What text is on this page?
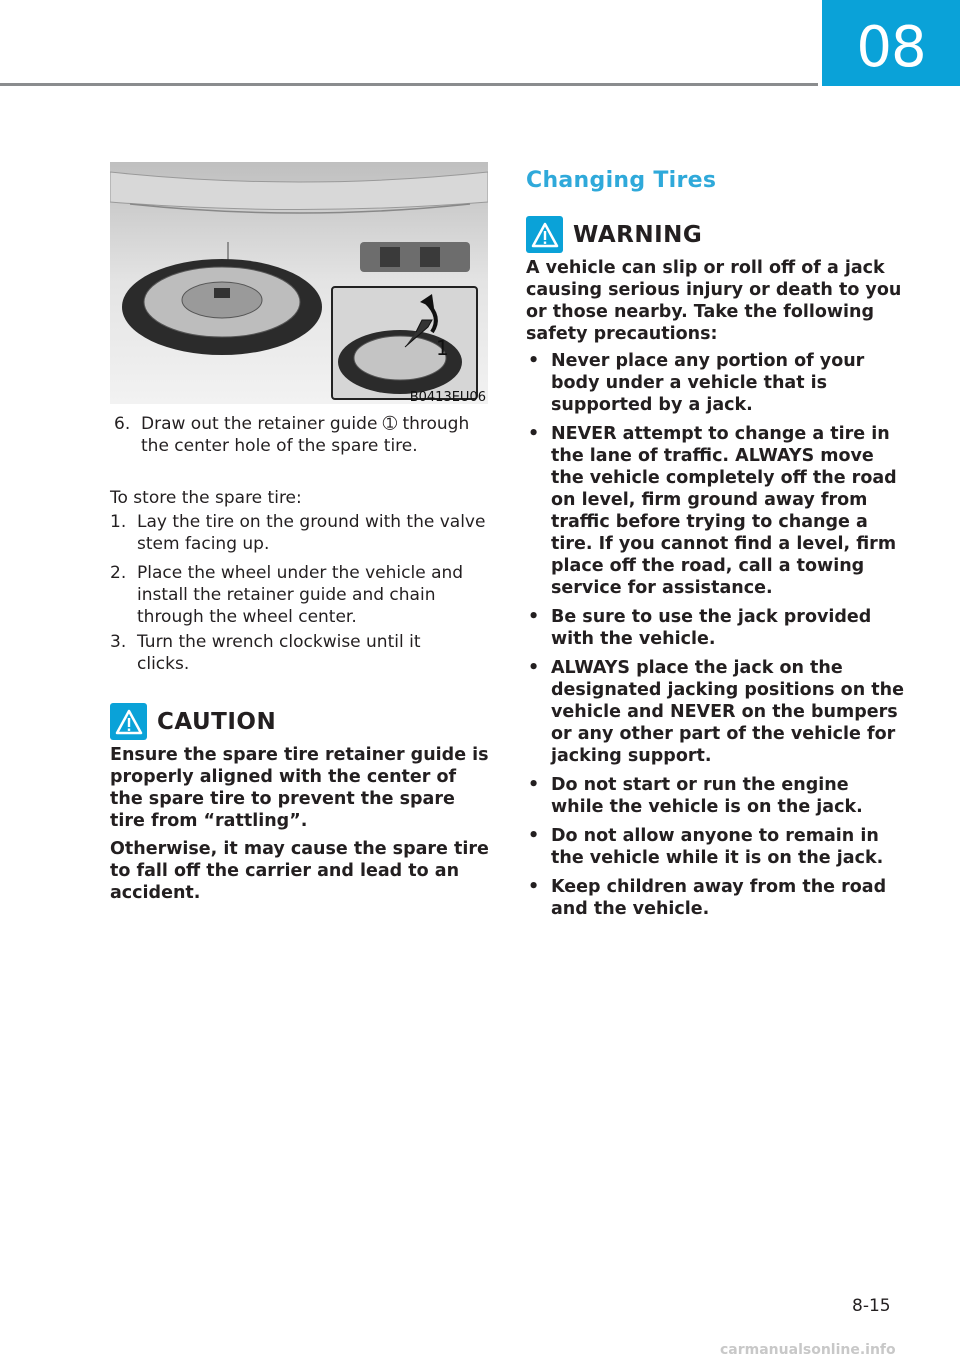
08
1
B0413EU06
6. Draw out the retainer guide ➀ through the center hole of the spare tire.
To store the spare tire:
1. Lay the tire on the ground with the valve stem facing up.
2. Place the wheel under the vehicle and install the retainer guide and chain through the wheel center.
3. Turn the wrench clockwise until it clicks.
CAUTION
Ensure the spare tire retainer guide is properly aligned with the center of the spare tire to prevent the spare tire from “rattling”.
Otherwise, it may cause the spare tire to fall off the carrier and lead to an accident.
Changing Tires
WARNING
A vehicle can slip or roll off of a jack causing serious injury or death to you or those nearby. Take the following safety precautions:
• Never place any portion of your body under a vehicle that is supported by a jack.
• NEVER attempt to change a tire in the lane of traffic. ALWAYS move the vehicle completely off the road on level, firm ground away from traffic before trying to change a tire. If you cannot find a level, firm place off the road, call a towing service for assistance.
• Be sure to use the jack provided with the vehicle.
• ALWAYS place the jack on the designated jacking positions on the vehicle and NEVER on the bumpers or any other part of the vehicle for jacking support.
• Do not start or run the engine while the vehicle is on the jack.
• Do not allow anyone to remain in the vehicle while it is on the jack.
• Keep children away from the road and the vehicle.
8-15
carmanualsonline.info
